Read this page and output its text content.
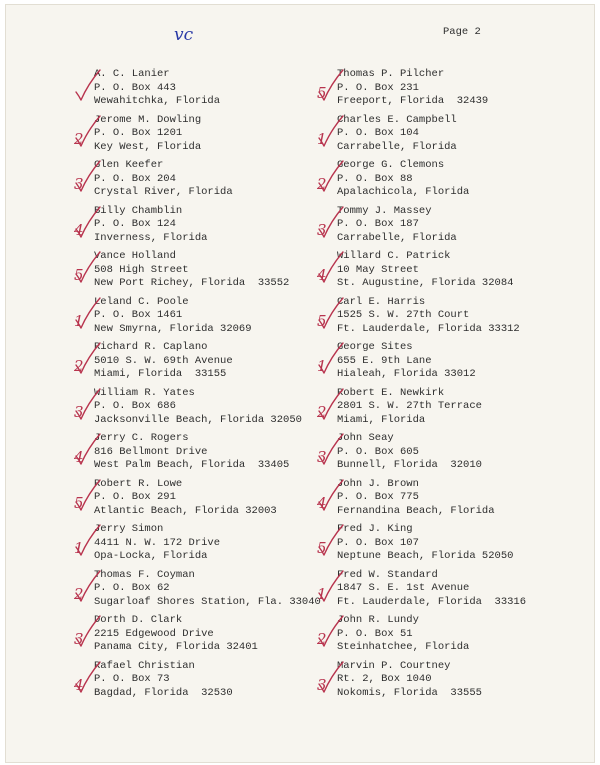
vc	Page 2
A. C. Lanier
P. O. Box 443
Wewahitchka, Florida
2
Jerome M. Dowling
P. O. Box 1201
Key West, Florida
3
Glen Keefer
P. O. Box 204
Crystal River, Florida
4
Billy Chamblin
P. O. Box 124
Inverness, Florida
5
Vance Holland
508 High Street
New Port Richey, Florida  33552
1
Leland C. Poole
P. O. Box 1461
New Smyrna, Florida 32069
2
Richard R. Caplano
5010 S. W. 69th Avenue
Miami, Florida  33155
3
William R. Yates
P. O. Box 686
Jacksonville Beach, Florida 32050
4
Jerry C. Rogers
816 Bellmont Drive
West Palm Beach, Florida  33405
5
Robert R. Lowe
P. O. Box 291
Atlantic Beach, Florida 32003
1
Jerry Simon
4411 N. W. 172 Drive
Opa-Locka, Florida
2
Thomas F. Coyman
P. O. Box 62
Sugarloaf Shores Station, Fla. 33040
3
Dorth D. Clark
2215 Edgewood Drive
Panama City, Florida 32401
4
Rafael Christian
P. O. Box 73
Bagdad, Florida  32530
5
Thomas P. Pilcher
P. O. Box 231
Freeport, Florida  32439
1
Charles E. Campbell
P. O. Box 104
Carrabelle, Florida
2
George G. Clemons
P. O. Box 88
Apalachicola, Florida
3
Tommy J. Massey
P. O. Box 187
Carrabelle, Florida
4
Willard C. Patrick
10 May Street
St. Augustine, Florida 32084
5
Carl E. Harris
1525 S. W. 27th Court
Ft. Lauderdale, Florida 33312
1
George Sites
655 E. 9th Lane
Hialeah, Florida 33012
2
Robert E. Newkirk
2801 S. W. 27th Terrace
Miami, Florida
3
John Seay
P. O. Box 605
Bunnell, Florida  32010
4
John J. Brown
P. O. Box 775
Fernandina Beach, Florida
5
Fred J. King
P. O. Box 107
Neptune Beach, Florida 52050
1
Fred W. Standard
1847 S. E. 1st Avenue
Ft. Lauderdale, Florida  33316
2
John R. Lundy
P. O. Box 51
Steinhatchee, Florida
3
Marvin P. Courtney
Rt. 2, Box 1040
Nokomis, Florida  33555
